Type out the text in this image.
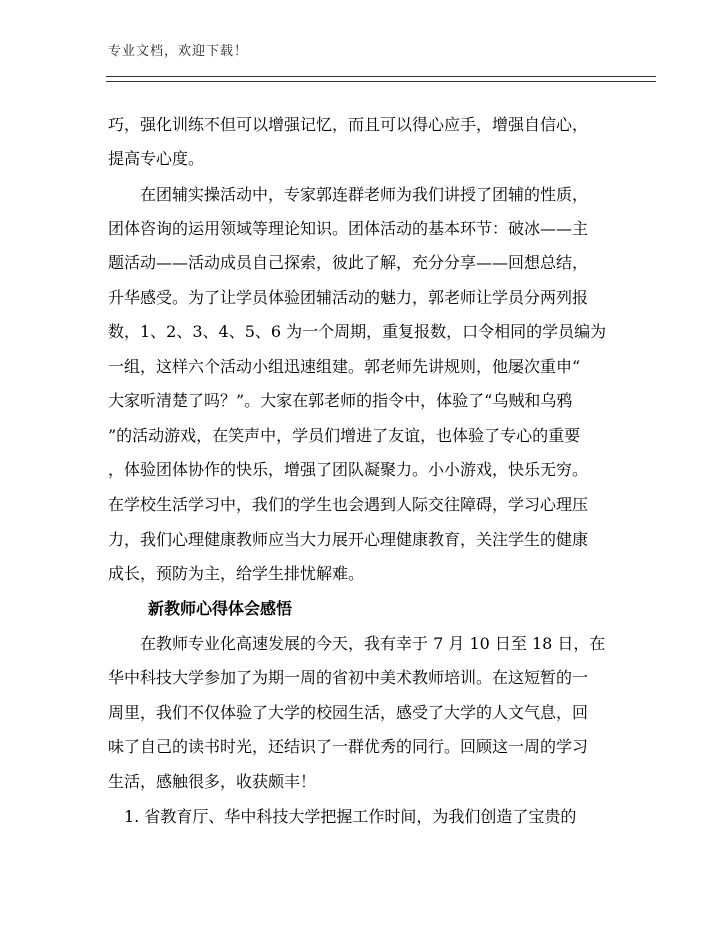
专业文档，欢迎下载！
巧，强化训练不但可以增强记忆，而且可以得心应手，增强自信心，
提高专心度。
　　在团辅实操活动中，专家郭连群老师为我们讲授了团辅的性质，
团体咨询的运用领域等理论知识。团体活动的基本环节：破冰——主
题活动——活动成员自己探索，彼此了解，充分分享——回想总结，
升华感受。为了让学员体验团辅活动的魅力，郭老师让学员分两列报
数，1、2、3、4、5、6 为一个周期，重复报数，口令相同的学员编为
一组，这样六个活动小组迅速组建。郭老师先讲规则，他屡次重申“
大家听清楚了吗？”。大家在郭老师的指令中，体验了“乌贼和乌鸦
”的活动游戏，在笑声中，学员们增进了友谊，也体验了专心的重要
，体验团体协作的快乐，增强了团队凝聚力。小小游戏，快乐无穷。
在学校生活学习中，我们的学生也会遇到人际交往障碍，学习心理压
力，我们心理健康教师应当大力展开心理健康教育，关注学生的健康
成长，预防为主，给学生排忧解难。
新教师心得体会感悟
　　在教师专业化高速发展的今天，我有幸于 7 月 10 日至 18 日，在
华中科技大学参加了为期一周的省初中美术教师培训。在这短暂的一
周里，我们不仅体验了大学的校园生活，感受了大学的人文气息，回
味了自己的读书时光，还结识了一群优秀的同行。回顾这一周的学习
生活，感触很多，收获颇丰！
　1. 省教育厅、华中科技大学把握工作时间，为我们创造了宝贵的
